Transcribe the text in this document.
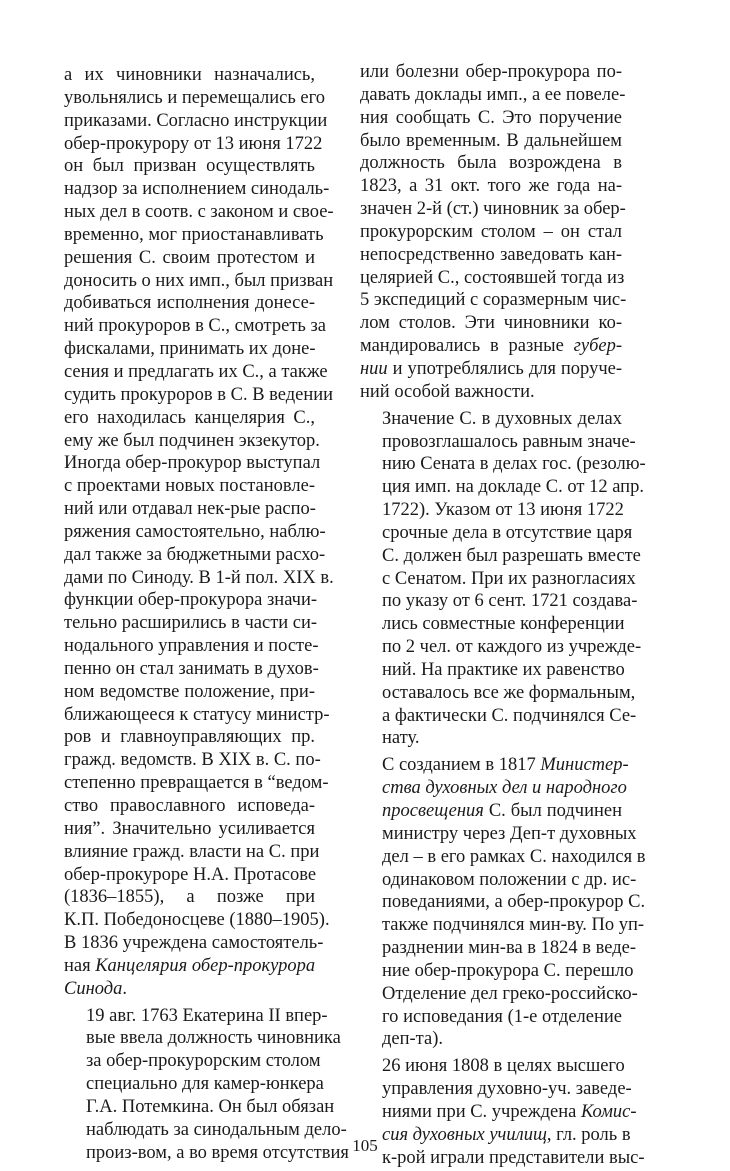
а их чиновники назначались,
увольнялись и перемещались его
приказами. Согласно инструкции
обер-прокурору от 13 июня 1722
он был призван осуществлять
надзор за исполнением синодаль-
ных дел в соотв. с законом и свое-
временно, мог приостанавливать
решения С. своим протестом и
доносить о них имп., был призван
добиваться исполнения донесе-
ний прокуроров в С., смотреть за
фискалами, принимать их доне-
сения и предлагать их С., а также
судить прокуроров в С. В ведении
его находилась канцелярия С.,
ему же был подчинен экзекутор.
Иногда обер-прокурор выступал
с проектами новых постановле-
ний или отдавал нек-рые распо-
ряжения самостоятельно, наблю-
дал также за бюджетными расхо-
дами по Синоду. В 1-й пол. XIX в.
функции обер-прокурора значи-
тельно расширились в части си-
нодального управления и посте-
пенно он стал занимать в духов-
ном ведомстве положение, при-
ближающееся к статусу министр-
ров и главноуправляющих пр.
гражд. ведомств. В XIX в. С. по-
степенно превращается в “ведом-
ство православного исповеда-
ния”. Значительно усиливается
влияние гражд. власти на С. при
обер-прокуроре Н.А. Протасове
(1836–1855), а позже при
К.П. Победоносцеве (1880–1905).
В 1836 учреждена самостоятель-
ная Канцелярия обер-прокурора
Синода.

19 авг. 1763 Екатерина II впер-
вые ввела должность чиновника
за обер-прокурорским столом
специально для камер-юнкера
Г.А. Потемкина. Он был обязан
наблюдать за синодальным дело-
произ-вом, а во время отсутствия

или болезни обер-прокурора по-
давать доклады имп., а ее повеле-
ния сообщать С. Это поручение
было временным. В дальнейшем
должность была возрождена в
1823, а 31 окт. того же года на-
значен 2-й (ст.) чиновник за обер-
прокурорским столом – он стал
непосредственно заведовать кан-
целярией С., состоявшей тогда из
5 экспедиций с соразмерным чис-
лом столов. Эти чиновники ко-
мандировались в разные губер-
нии и употреблялись для поруче-
ний особой важности.

Значение С. в духовных делах
провозглашалось равным значе-
нию Сената в делах гос. (резолю-
ция имп. на докладе С. от 12 апр.
1722). Указом от 13 июня 1722
срочные дела в отсутствие царя
С. должен был разрешать вместе
с Сенатом. При их разногласиях
по указу от 6 сент. 1721 создава-
лись совместные конференции
по 2 чел. от каждого из учрежде-
ний. На практике их равенство
оставалось все же формальным,
а фактически С. подчинялся Се-
нату.

С созданием в 1817 Министер-
ства духовных дел и народного
просвещения С. был подчинен
министру через Деп-т духовных
дел – в его рамках С. находился в
одинаковом положении с др. ис-
поведаниями, а обер-прокурор С.
также подчинялся мин-ву. По уп-
разднении мин-ва в 1824 в веде-
ние обер-прокурора С. перешло
Отделение дел греко-российско-
го исповедания (1-е отделение
деп-та).

26 июня 1808 в целях высшего
управления духовно-уч. заведе-
ниями при С. учреждена Комис-
сия духовных училищ, гл. роль в
к-рой играли представители выс-

105
